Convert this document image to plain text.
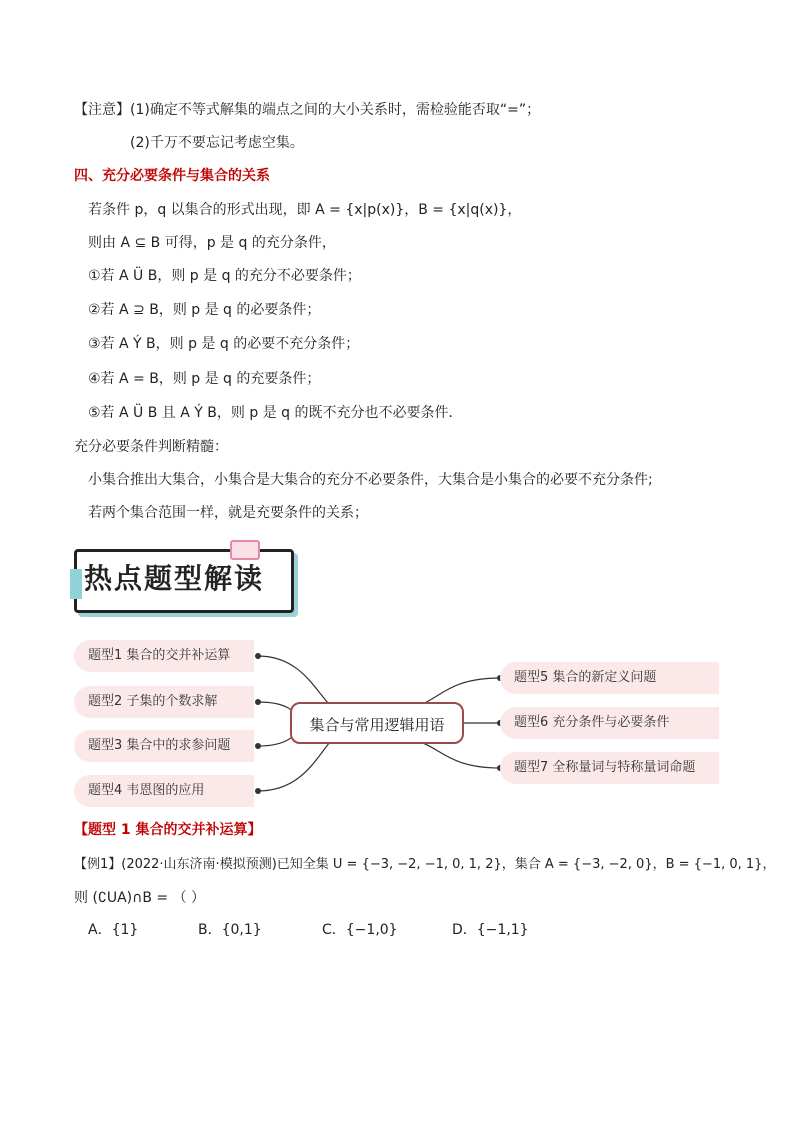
【注意】(1)确定不等式解集的端点之间的大小关系时，需检验能否取“=”；
(2)千万不要忘记考虑空集。
四、充分必要条件与集合的关系
若条件 p，q 以集合的形式出现，即 A = {x|p(x)}，B = {x|q(x)}，
则由 A ⊆ B 可得，p 是 q 的充分条件，
①若 A Ü B，则 p 是 q 的充分不必要条件；
②若 A ⊇ B，则 p 是 q 的必要条件；
③若 A Ý B，则 p 是 q 的必要不充分条件；
④若 A = B，则 p 是 q 的充要条件；
⑤若 A Ü B 且 A Ý B，则 p 是 q 的既不充分也不必要条件．
充分必要条件判断精髓：
小集合推出大集合，小集合是大集合的充分不必要条件，大集合是小集合的必要不充分条件;
若两个集合范围一样，就是充要条件的关系；
热点题型解读
题型1 集合的交并补运算
题型2 子集的个数求解
题型3 集合中的求参问题
题型4 韦恩图的应用
集合与常用逻辑用语
题型5 集合的新定义问题
题型6 充分条件与必要条件
题型7 全称量词与特称量词命题
【题型 1 集合的交并补运算】
【例1】(2022·山东济南·模拟预测)已知全集 U = {−3, −2, −1, 0, 1, 2}，集合 A = {−3, −2, 0}，B = {−1, 0, 1}，
则 (∁UA)∩B = （ ）
A．{1}	B．{0,1}	C．{−1,0}	D．{−1,1}
